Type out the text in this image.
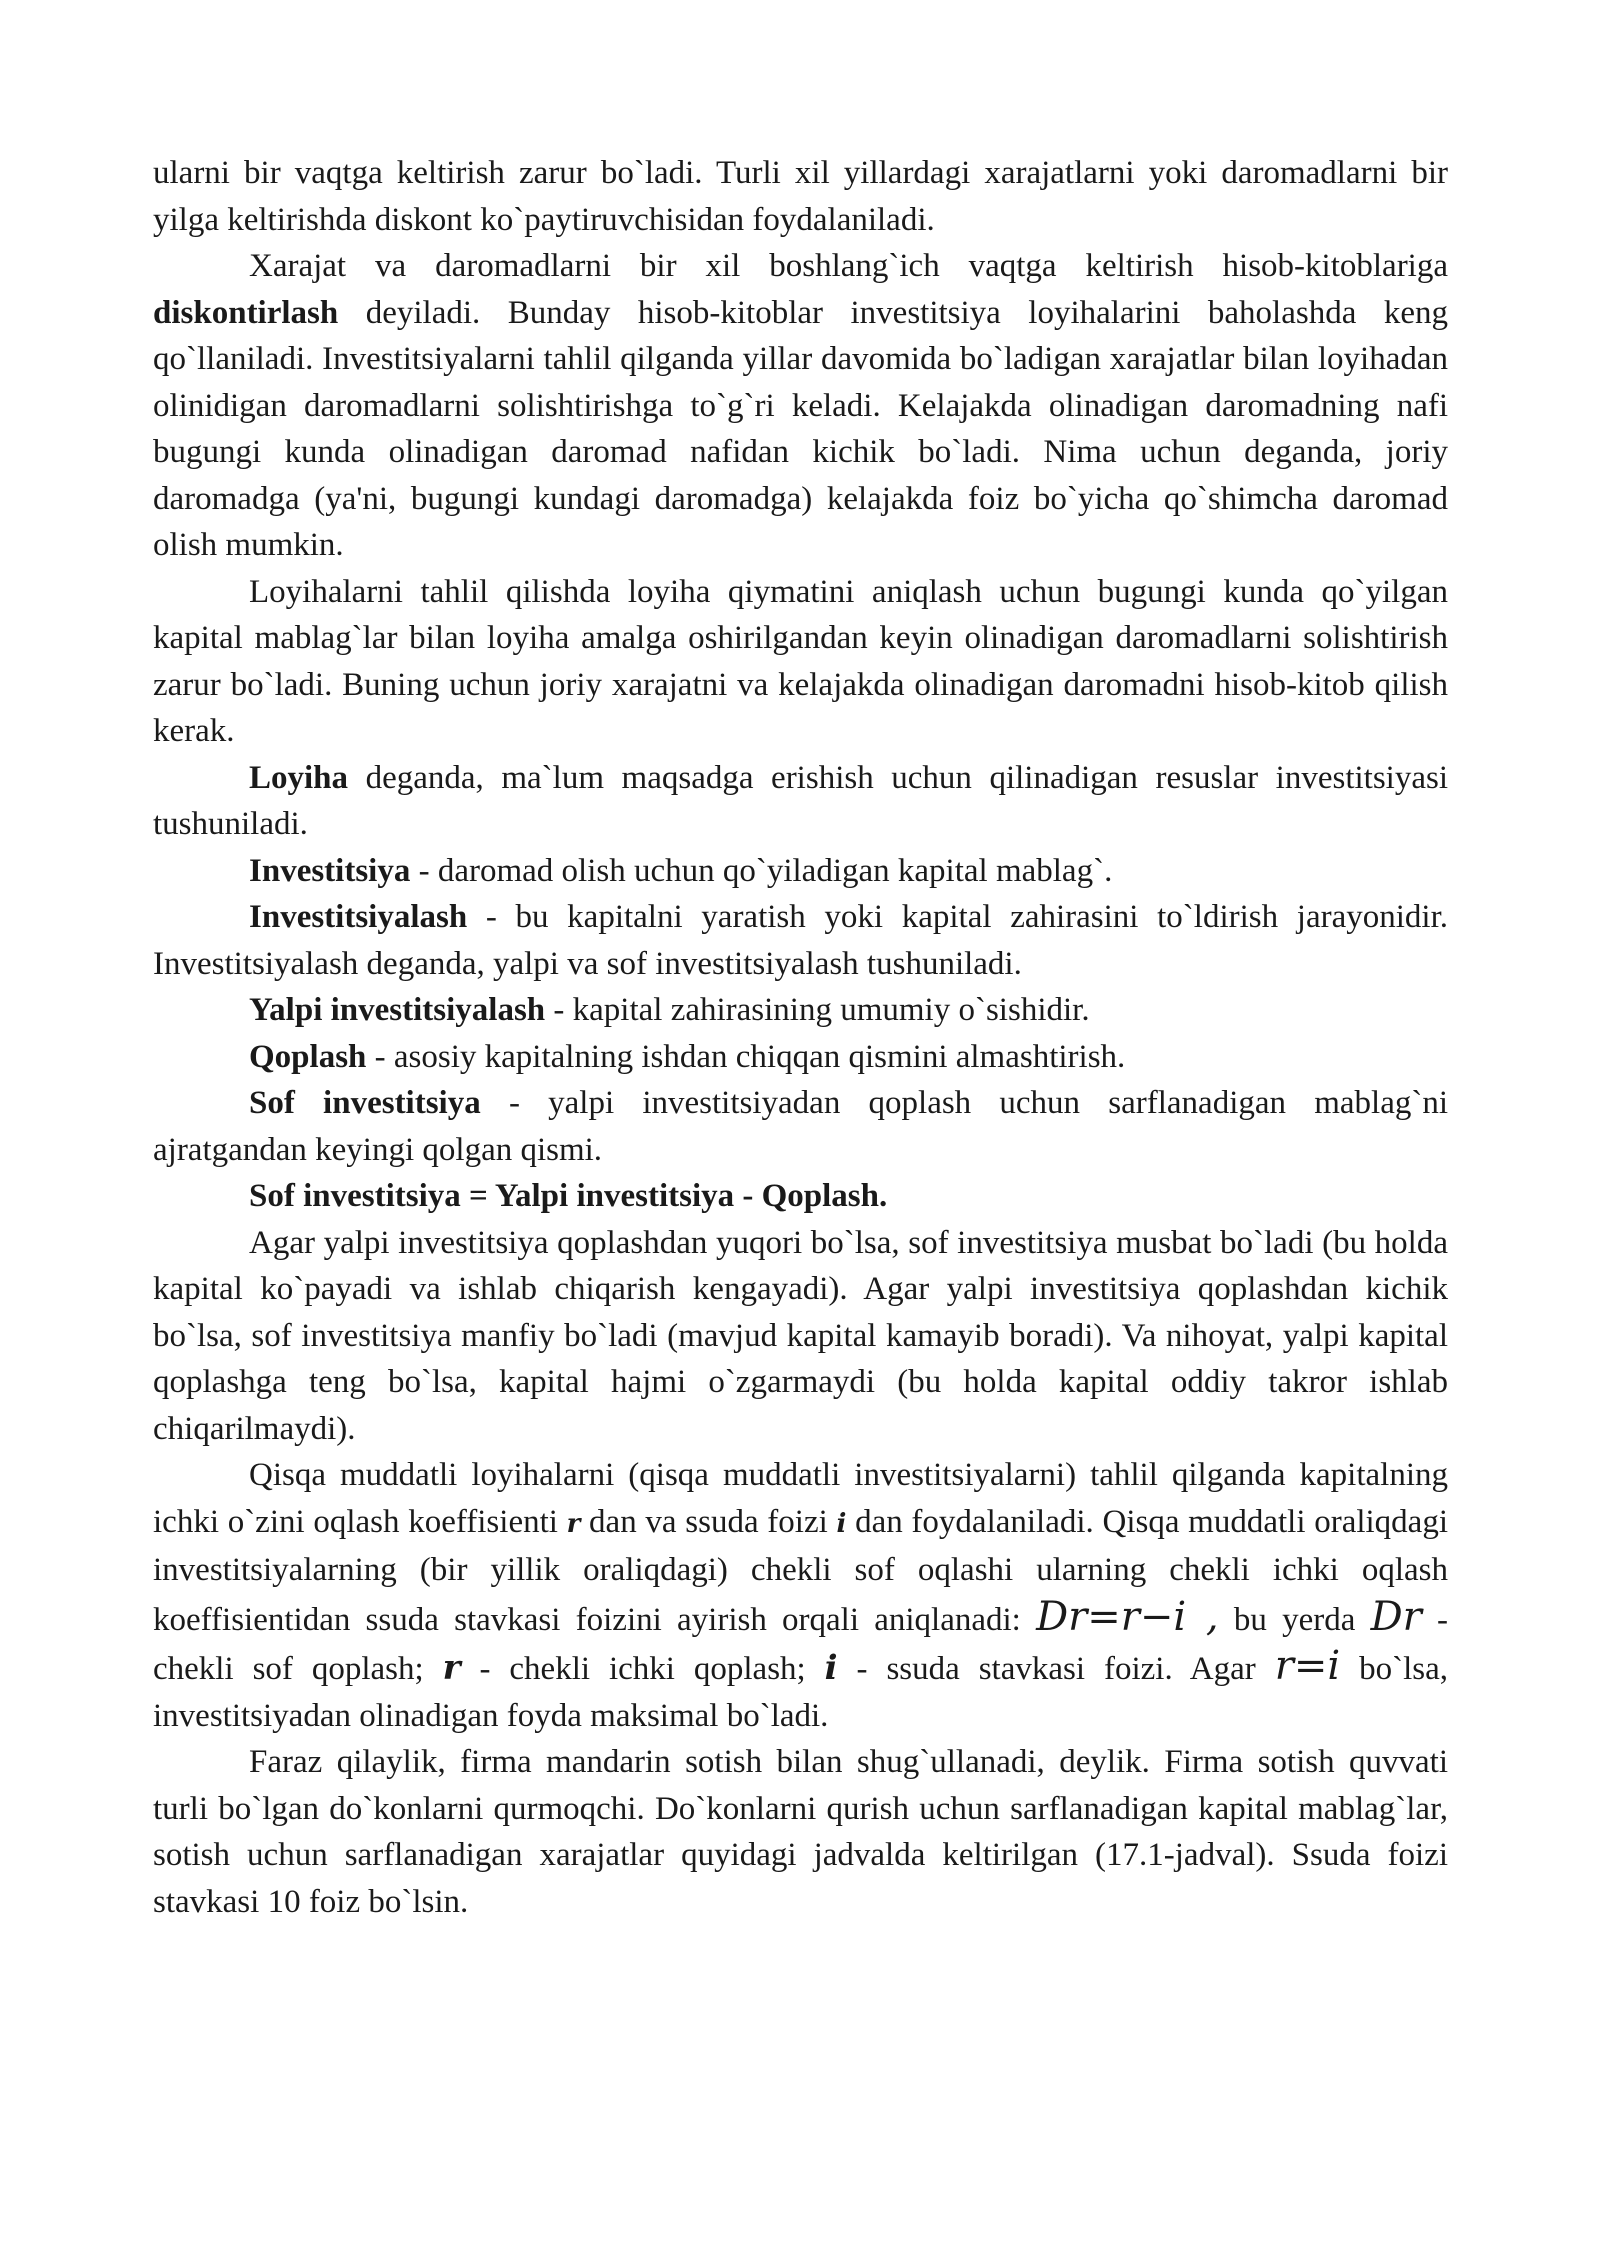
ularni bir vaqtga keltirish zarur bo`ladi. Turli xil yillardagi xarajatlarni yoki daromadlarni bir yilga keltirishda diskont ko`paytiruvchisidan foydalaniladi.

Xarajat va daromadlarni bir xil boshlang`ich vaqtga keltirish hisob-kitoblariga diskontirlash deyiladi. Bunday hisob-kitoblar investitsiya loyihalarini baholashda keng qo`llaniladi. Investitsiyalarni tahlil qilganda yillar davomida bo`ladigan xarajatlar bilan loyihadan olinidigan daromadlarni solishtirishga to`g`ri keladi. Kelajakda olinadigan daromadning nafi bugungi kunda olinadigan daromad nafidan kichik bo`ladi. Nima uchun deganda, joriy daromadga (ya'ni, bugungi kundagi daromadga) kelajakda foiz bo`yicha qo`shimcha daromad olish mumkin.

Loyihalarni tahlil qilishda loyiha qiymatini aniqlash uchun bugungi kunda qo`yilgan kapital mablag`lar bilan loyiha amalga oshirilgandan keyin olinadigan daromadlarni solishtirish zarur bo`ladi. Buning uchun joriy xarajatni va kelajakda olinadigan daromadni hisob-kitob qilish kerak.

Loyiha deganda, ma`lum maqsadga erishish uchun qilinadigan resuslar investitsiyasi tushuniladi.

Investitsiya - daromad olish uchun qo`yiladigan kapital mablag`.

Investitsiyalash - bu kapitalni yaratish yoki kapital zahirasini to`ldirish jarayonidir. Investitsiyalash deganda, yalpi va sof investitsiyalash tushuniladi.

Yalpi investitsiyalash - kapital zahirasining umumiy o`sishidir.

Qoplash - asosiy kapitalning ishdan chiqqan qismini almashtirish.

Sof investitsiya - yalpi investitsiyadan qoplash uchun sarflanadigan mablag`ni ajratgandan keyingi qolgan qismi.

Sof investitsiya = Yalpi investitsiya - Qoplash.

Agar yalpi investitsiya qoplashdan yuqori bo`lsa, sof investitsiya musbat bo`ladi (bu holda kapital ko`payadi va ishlab chiqarish kengayadi). Agar yalpi investitsiya qoplashdan kichik bo`lsa, sof investitsiya manfiy bo`ladi (mavjud kapital kamayib boradi). Va nihoyat, yalpi kapital qoplashga teng bo`lsa, kapital hajmi o`zgarmaydi (bu holda kapital oddiy takror ishlab chiqarilmaydi).

Qisqa muddatli loyihalarni (qisqa muddatli investitsiyalarni) tahlil qilganda kapitalning ichki o`zini oqlash koeffisienti r dan va ssuda foizi i dan foydalaniladi. Qisqa muddatli oraliqdagi investitsiyalarning (bir yillik oraliqdagi) chekli sof oqlashi ularning chekli ichki oqlash koeffisientidan ssuda stavkasi foizini ayirish orqali aniqlanadi: Dr=r−i , bu yerda Dr - chekli sof qoplash; r - chekli ichki qoplash; i - ssuda stavkasi foizi. Agar r=i bo`lsa, investitsiyadan olinadigan foyda maksimal bo`ladi.

Faraz qilaylik, firma mandarin sotish bilan shug`ullanadi, deylik. Firma sotish quvvati turli bo`lgan do`konlarni qurmoqchi. Do`konlarni qurish uchun sarflanadigan kapital mablag`lar, sotish uchun sarflanadigan xarajatlar quyidagi jadvalda keltirilgan (17.1-jadval). Ssuda foizi stavkasi 10 foiz bo`lsin.
